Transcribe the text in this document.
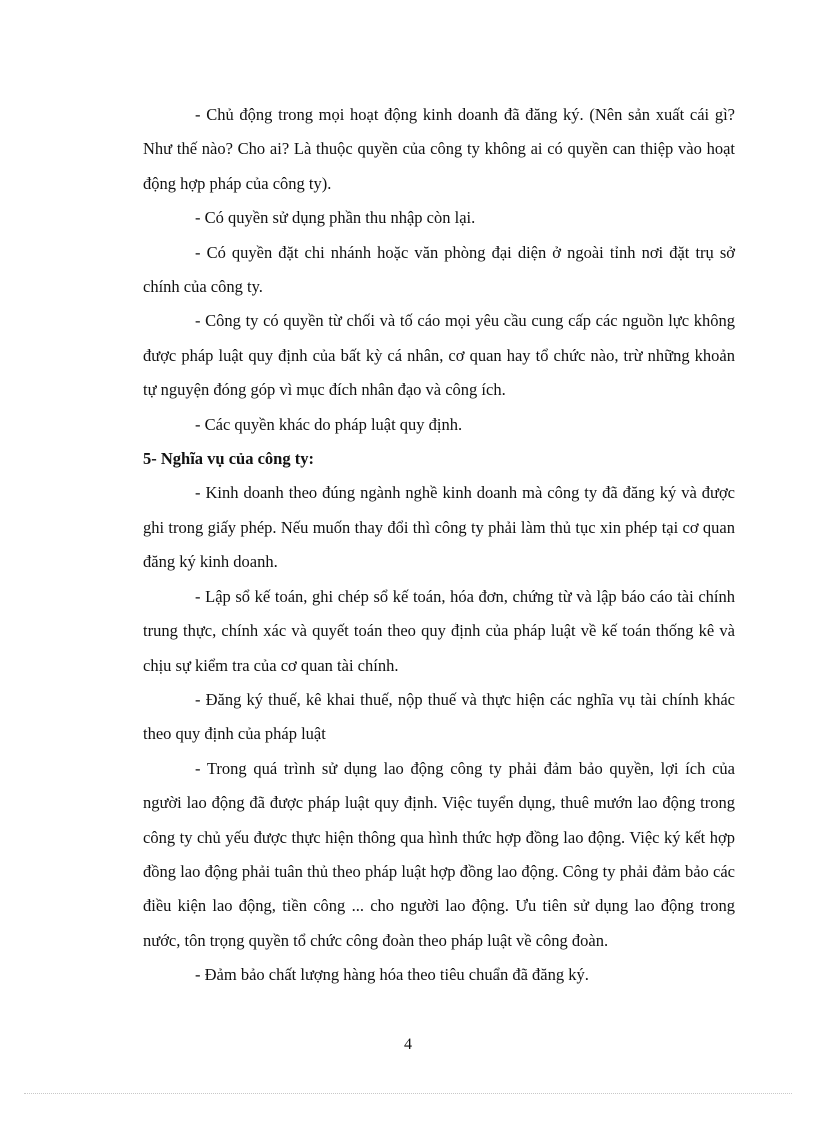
- Chủ động trong mọi hoạt động kinh doanh đã đăng ký. (Nên sản xuất cái gì? Như thế nào? Cho ai? Là thuộc quyền của công ty không ai có quyền can thiệp vào hoạt động hợp pháp của công ty).

- Có quyền sử dụng phần thu nhập còn lại.

- Có quyền đặt chi nhánh hoặc văn phòng đại diện ở ngoài tỉnh nơi đặt trụ sở chính của công ty.

- Công ty có quyền từ chối và tố cáo mọi yêu cầu cung cấp các nguồn lực không được pháp luật quy định của bất kỳ cá nhân, cơ quan hay tổ chức nào, trừ những khoản tự nguyện đóng góp vì mục đích nhân đạo và công ích.

- Các quyền khác do pháp luật quy định.

5- Nghĩa vụ của công ty:

- Kinh doanh theo đúng ngành nghề kinh doanh mà công ty đã đăng ký và được ghi trong giấy phép. Nếu muốn thay đổi thì công ty phải làm thủ tục xin phép tại cơ quan đăng ký kinh doanh.

- Lập sổ kế toán, ghi chép sổ kế toán, hóa đơn, chứng từ và lập báo cáo tài chính trung thực, chính xác và quyết toán theo quy định của pháp luật về kế toán thống kê và chịu sự kiểm tra của cơ quan tài chính.

- Đăng ký thuế, kê khai thuế, nộp thuế và thực hiện các nghĩa vụ tài chính khác theo quy định của pháp luật

- Trong quá trình sử dụng lao động công ty phải đảm bảo quyền, lợi ích của người lao động đã được pháp luật quy định. Việc tuyển dụng, thuê mướn lao động trong công ty chủ yếu được thực hiện thông qua hình thức hợp đồng lao động. Việc ký kết hợp đồng lao động phải tuân thủ theo pháp luật hợp đồng lao động. Công ty phải đảm bảo các điều kiện lao động, tiền công ... cho người lao động. Ưu tiên sử dụng lao động trong nước, tôn trọng quyền tổ chức công đoàn theo pháp luật về công đoàn.

- Đảm bảo chất lượng hàng hóa theo tiêu chuẩn đã đăng ký.

4
